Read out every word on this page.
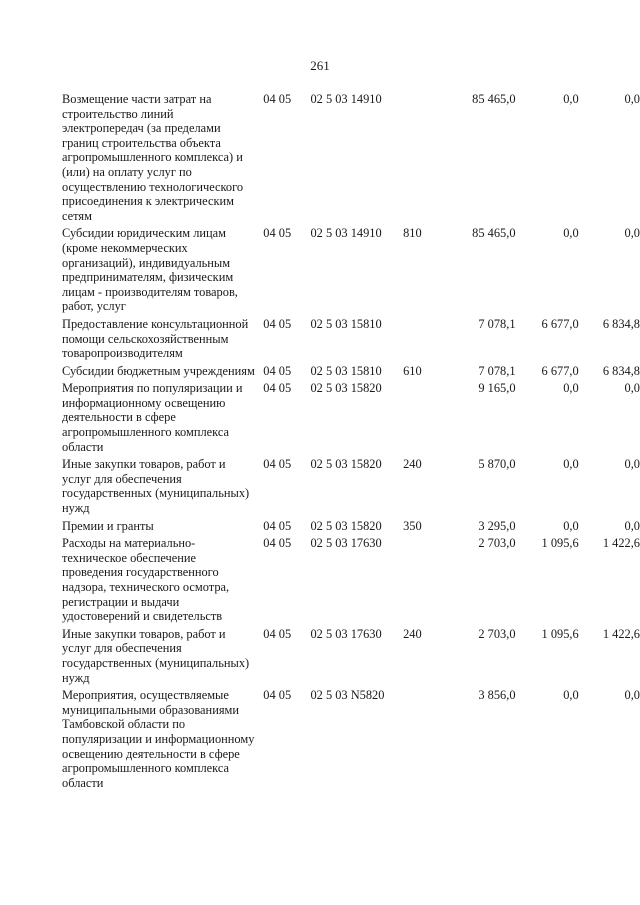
261
Возмещение части затрат на строительство линий электропередач (за пределами границ строительства объекта агропромышленного комплекса) и (или) на оплату услуг по осуществлению технологического присоединения к электрическим сетям	04 05	02 5 03 14910		85 465,0	0,0	0,0
Субсидии юридическим лицам (кроме некоммерческих организаций), индивидуальным предпринимателям, физическим лицам - производителям товаров, работ, услуг	04 05	02 5 03 14910	810	85 465,0	0,0	0,0
Предоставление консультационной помощи сельскохозяйственным товаропроизводителям	04 05	02 5 03 15810		7 078,1	6 677,0	6 834,8
Субсидии бюджетным учреждениям	04 05	02 5 03 15810	610	7 078,1	6 677,0	6 834,8
Мероприятия по популяризации и информационному освещению деятельности в сфере агропромышленного комплекса области	04 05	02 5 03 15820		9 165,0	0,0	0,0
Иные закупки товаров, работ и услуг для обеспечения государственных (муниципальных) нужд	04 05	02 5 03 15820	240	5 870,0	0,0	0,0
Премии и гранты	04 05	02 5 03 15820	350	3 295,0	0,0	0,0
Расходы на материально-техническое обеспечение проведения государственного надзора, технического осмотра, регистрации и выдачи удостоверений и свидетельств	04 05	02 5 03 17630		2 703,0	1 095,6	1 422,6
Иные закупки товаров, работ и услуг для обеспечения государственных (муниципальных) нужд	04 05	02 5 03 17630	240	2 703,0	1 095,6	1 422,6
Мероприятия, осуществляемые муниципальными образованиями Тамбовской области по популяризации и информационному освещению деятельности в сфере агропромышленного комплекса области	04 05	02 5 03 N5820		3 856,0	0,0	0,0
